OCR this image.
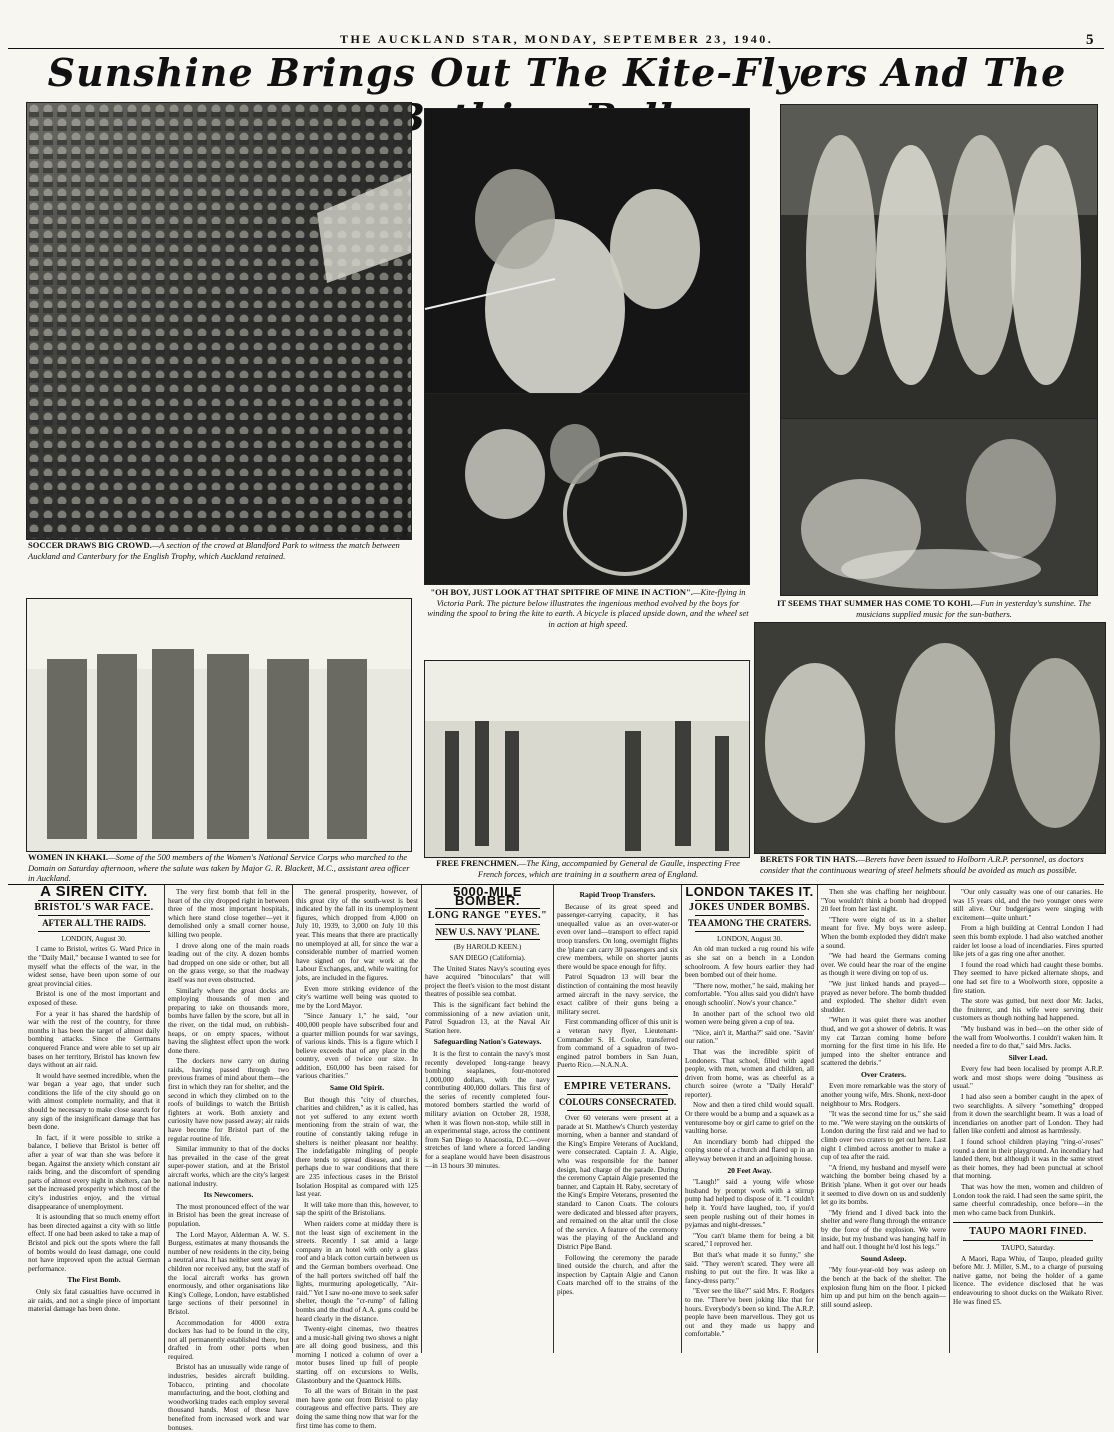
THE AUCKLAND STAR, MONDAY, SEPTEMBER 23, 1940.	5
Sunshine Brings Out The Kite-Flyers And The
SOCCER DRAWS BIG CROWD.—A section of the crowd at Blandford Park to witness the match between Auckland and Canterbury for the English Trophy, which Auckland retained.
"OH BOY, JUST LOOK AT THAT SPITFIRE OF MINE IN ACTION".—Kite-flying in Victoria Park. The picture below illustrates the ingenious method evolved by the boys for winding the spool to bring the kite to earth. A bicycle is placed upside down, and the wheel set in action at high speed.
IT SEEMS THAT SUMMER HAS COME TO KOHI.—Fun in yesterday's sunshine. The musicians supplied music for the sun-bathers.
WOMEN IN KHAKI.—Some of the 500 members of the Women's National Service Corps who marched to the Domain on Saturday afternoon, where the salute was taken by Major G. R. Blackett, M.C., assistant area officer in Auckland.
FREE FRENCHMEN.—The King, accompanied by General de Gaulle, inspecting Free French forces, which are training in a southern area of England.
BERETS FOR TIN HATS.—Berets have been issued to Holborn A.R.P. personnel, as doctors consider that the continuous wearing of steel helmets should be avoided as much as possible.
A SIREN CITY.
BRISTOL'S WAR FACE.
AFTER ALL THE RAIDS.

LONDON, August 30.

I came to Bristol, writes G. Ward Price in the "Daily Mail," because I wanted to see for myself what the effects of the war, in the widest sense, have been upon some of our great provincial cities.

Bristol is one of the most important and exposed of these.

For a year it has shared the hardship of war with the rest of the country, for three months it has been the target of almost daily bombing attacks. Since the Germans conquered France and were able to set up air bases on her territory, Bristol has known few days without an air raid.

It would have seemed incredible, when the war began a year ago, that under such conditions the life of the city should go on with almost complete normality, and that it should be necessary to make close search for any sign of the insignificant damage that has been done.

In fact, if it were possible to strike a balance, I believe that Bristol is better off after a year of war than she was before it began. Against the anxiety which constant air raids bring, and the discomfort of spending parts of almost every night in shelters, can be set the increased prosperity which most of the city's industries enjoy, and the virtual disappearance of unemployment.

It is astounding that so much enemy effort has been directed against a city with so little effect. If one had been asked to take a map of Bristol and pick out the spots where the fall of bombs would do least damage, one could not have improved upon the actual German performance.

The First Bomb.

Only six fatal casualties have occurred in air raids, and not a single piece of important material damage has been done.

The very first bomb that fell in the heart of the city dropped right in between three of the most important hospitals, which here stand close together—yet it demolished only a small corner house, killing two people.

I drove along one of the main roads leading out of the city. A dozen bombs had dropped on one side or other, but all on the grass verge, so that the roadway itself was not even obstructed.

Similarly where the great docks are employing thousands of men and preparing to take on thousands more, bombs have fallen by the score, but all in the river, on the tidal mud, on rubbish-heaps, or on empty spaces, without having the slightest effect upon the work done there.

The dockers now carry on during raids, having passed through two previous frames of mind about them—the first in which they ran for shelter, and the second in which they climbed on to the roofs of buildings to watch the British fighters at work. Both anxiety and curiosity have now passed away; air raids have become for Bristol part of the regular routine of life.

Similar immunity to that of the docks has prevailed in the case of the great super-power station, and at the Bristol aircraft works, which are the city's largest national industry.

Its Newcomers.

The most pronounced effect of the war in Bristol has been the great increase of population.

The Lord Mayor, Alderman A. W. S. Burgess, estimates at many thousands the number of new residents in the city, being a neutral area. It has neither sent away its children nor received any, but the staff of the local aircraft works has grown enormously, and other organisations like King's College, London, have established large sections of their personnel in Bristol.

Accommodation for 4000 extra dockers has had to be found in the city, not all permanently established there, but drafted in from other ports when required.

Bristol has an unusually wide range of industries, besides aircraft building. Tobacco, printing and chocolate manufacturing, and the boot, clothing and woodworking trades each employ several thousand hands. Most of these have benefited from increased work and war bonuses.

The general prosperity, however, of this great city of the south-west is best indicated by the fall in its unemployment figures, which dropped from 4,000 on July 10, 1939, to 3,000 on July 10 this year. This means that there are practically no unemployed at all, for since the war a considerable number of married women have signed on for war work at the Labour Exchanges, and, while waiting for jobs, are included in the figures.

Even more striking evidence of the city's wartime well being was quoted to me by the Lord Mayor.

"Since January 1," he said, "our 400,000 people have subscribed four and a quarter million pounds for war savings, of various kinds. This is a figure which I believe exceeds that of any place in the country, even of twice our size. In addition, £60,000 has been raised for various charities."

Same Old Spirit.

But though this "city of churches, charities and children," as it is called, has not yet suffered to any extent worth mentioning from the strain of war, the routine of constantly taking refuge in shelters is neither pleasant nor healthy. The indefatigable mingling of people there tends to spread disease, and it is perhaps due to war conditions that there are 235 infectious cases in the Bristol Isolation Hospital as compared with 125 last year.

It will take more than this, however, to sap the spirit of the Bristolians.

When raiders come at midday there is not the least sign of excitement in the streets. Recently I sat amid a large company in an hotel with only a glass roof and a black cotton curtain between us and the German bombers overhead. One of the hall porters switched off half the lights, murmuring apologetically, "Air-raid." Yet I saw no-one move to seek safer shelter, though the "cr-rump" of falling bombs and the thud of A.A. guns could be heard clearly in the distance.

Twenty-eight cinemas, two theatres and a music-hall giving two shows a night are all doing good business, and this morning I noticed a column of over a motor buses lined up full of people starting off on excursions to Wells, Glastonbury and the Quantock Hills.

To all the wars of Britain in the past men have gone out from Bristol to play courageous and effective parts. They are doing the same thing now that war for the first time has come to them.

5000-MILE BOMBER.
LONG RANGE "EYES."
NEW U.S. NAVY 'PLANE.

(By HAROLD KEEN.)

SAN DIEGO (California).

The United States Navy's scouting eyes have acquired "binoculars" that will project the fleet's vision to the most distant theatres of possible sea combat.

This is the significant fact behind the commissioning of a new aviation unit, Patrol Squadron 13, at the Naval Air Station here.

Safeguarding Nation's Gateways.

It is the first to contain the navy's most recently developed long-range heavy bombing seaplanes, four-motored 1,000,000 dollars, with the navy contributing 400,000 dollars. This first of the series of recently completed four-motored bombers startled the world of military aviation on October 28, 1938, when it was flown non-stop, while still in an experimental stage, across the continent from San Diego to Anacostia, D.C.—over stretches of land where a forced landing for a seaplane would have been disastrous—in 13 hours 30 minutes.

Rapid Troop Transfers.

Because of its great speed and passenger-carrying capacity, it has unequalled value as an over-water-or even over land—transport to effect rapid troop transfers. On long, overnight flights the 'plane can carry 30 passengers and six crew members, while on shorter jaunts there would be space enough for fifty.

Patrol Squadron 13 will bear the distinction of containing the most heavily armed aircraft in the navy service, the exact calibre of their guns being a military secret.

First commanding officer of this unit is a veteran navy flyer, Lieutenant-Commander S. H. Cooke, transferred from command of a squadron of two-engined patrol bombers in San Juan, Puerto Rico.—N.A.N.A.

EMPIRE VETERANS.
COLOURS CONSECRATED.

Over 60 veterans were present at a parade at St. Matthew's Church yesterday morning, when a banner and standard of the King's Empire Veterans of Auckland, were consecrated. Captain J. A. Algie, who was responsible for the banner design, had charge of the parade. During the ceremony Captain Algie presented the banner, and Captain H. Raby, secretary of the King's Empire Veterans, presented the standard to Canon Coats. The colours were dedicated and blessed after prayers, and remained on the altar until the close of the service. A feature of the ceremony was the playing of the Auckland and District Pipe Band.

Following the ceremony the parade lined outside the church, and after the inspection by Captain Algie and Canon Coats marched off to the strains of the pipes.

LONDON TAKES IT.
JOKES UNDER BOMBS.
TEA AMONG THE CRATERS.

LONDON, August 30.

An old man tucked a rug round his wife as she sat on a bench in a London schoolroom. A few hours earlier they had been bombed out of their home.

"There now, mother," he said, making her comfortable. "You allus said you didn't have enough schoolin'. Now's your chance."

In another part of the school two old women were being given a cup of tea.

"Nice, ain't it, Martha?" said one. "Savin' our ration."

That was the incredible spirit of Londoners. That school, filled with aged people, with men, women and children, all driven from home, was as cheerful as a church soiree (wrote a "Daily Herald" reporter).

Now and then a tired child would squall. Or there would be a bump and a squawk as a venturesome boy or girl came to grief on the vaulting horse.

An incendiary bomb had chipped the coping stone of a church and flared up in an alleyway between it and an adjoining house.

20 Feet Away.

"Laugh!" said a young wife whose husband by prompt work with a stirrup pump had helped to dispose of it. "I couldn't help it. You'd have laughed, too, if you'd seen people rushing out of their homes in pyjamas and night-dresses."

"You can't blame them for being a bit scared," I reproved her.

But that's what made it so funny," she said. "They weren't scared. They were all rushing to put out the fire. It was like a fancy-dress party."

"Ever see the like?" said Mrs. F. Rodgers to me. "There've been joking like that for hours. Everybody's been so kind. The A.R.P. people have been marvellous. They got us out and they made us happy and comfortable."

Then she was chaffing her neighbour. "You wouldn't think a bomb had dropped 20 feet from her last night.

"There were eight of us in a shelter meant for five. My boys were asleep. When the bomb exploded they didn't make a sound.

"We had heard the Germans coming over. We could hear the roar of the engine as though it were diving on top of us.

"We just linked hands and prayed—prayed as never before. The bomb thudded and exploded. The shelter didn't even shudder.

"When it was quiet there was another thud, and we got a shower of debris. It was my cat Tarzan coming home before morning for the first time in his life. He jumped into the shelter entrance and scattered the debris."

Over Craters.

Even more remarkable was the story of another young wife, Mrs. Shonk, next-door neighbour to Mrs. Rodgers.

"It was the second time for us," she said to me. "We were staying on the outskirts of London during the first raid and we had to climb over two craters to get out here. Last night I climbed across another to make a cup of tea after the raid.

"A friend, my husband and myself were watching the bomber being chased by a British 'plane. When it got over our heads it seemed to dive down on us and suddenly let go its bombs.

"My friend and I dived back into the shelter and were flung through the entrance by the force of the explosion. We were inside, but my husband was hanging half in and half out. I thought he'd lost his legs."

Sound Asleep.

"My four-year-old boy was asleep on the bench at the back of the shelter. The explosion flung him on the floor. I picked him up and put him on the bench again—still sound asleep.

"Our only casualty was one of our canaries. He was 15 years old, and the two younger ones were still alive. Our budgerigars were singing with excitement—quite unhurt."

From a high building at Central London I had seen this bomb explode. I had also watched another raider let loose a load of incendiaries. Fires spurted like jets of a gas ring one after another.

I found the road which had caught these bombs. They seemed to have picked alternate shops, and one had set fire to a Woolworth store, opposite a fire station.

The store was gutted, but next door Mr. Jacks, the fruiterer, and his wife were serving their customers as though nothing had happened.

"My husband was in bed—on the other side of the wall from Woolworths. I couldn't waken him. It needed a fire to do that," said Mrs. Jacks.

Silver Lead.

Every few had been localised by prompt A.R.P. work and most shops were doing "business as usual."

I had also seen a bomber caught in the apex of two searchlights. A silvery "something" dropped from it down the searchlight beam. It was a load of incendiaries on another part of London. They had fallen like confetti and almost as harmlessly.

I found school children playing "ring-o'-roses" round a dent in their playground. An incendiary had landed there, but although it was in the same street as their homes, they had been punctual at school that morning.

That was how the men, women and children of London took the raid. I had seen the same spirit, the same cheerful comradeship, once before—in the men who came back from Dunkirk.

TAUPO MAORI FINED.

TAUPO, Saturday.

A Maori, Rapa Whiu, of Taupo, pleaded guilty before Mr. J. Miller, S.M., to a charge of pursuing native game, not being the holder of a game licence. The evidence disclosed that he was endeavouring to shoot ducks on the Waikato River. He was fined £5.
